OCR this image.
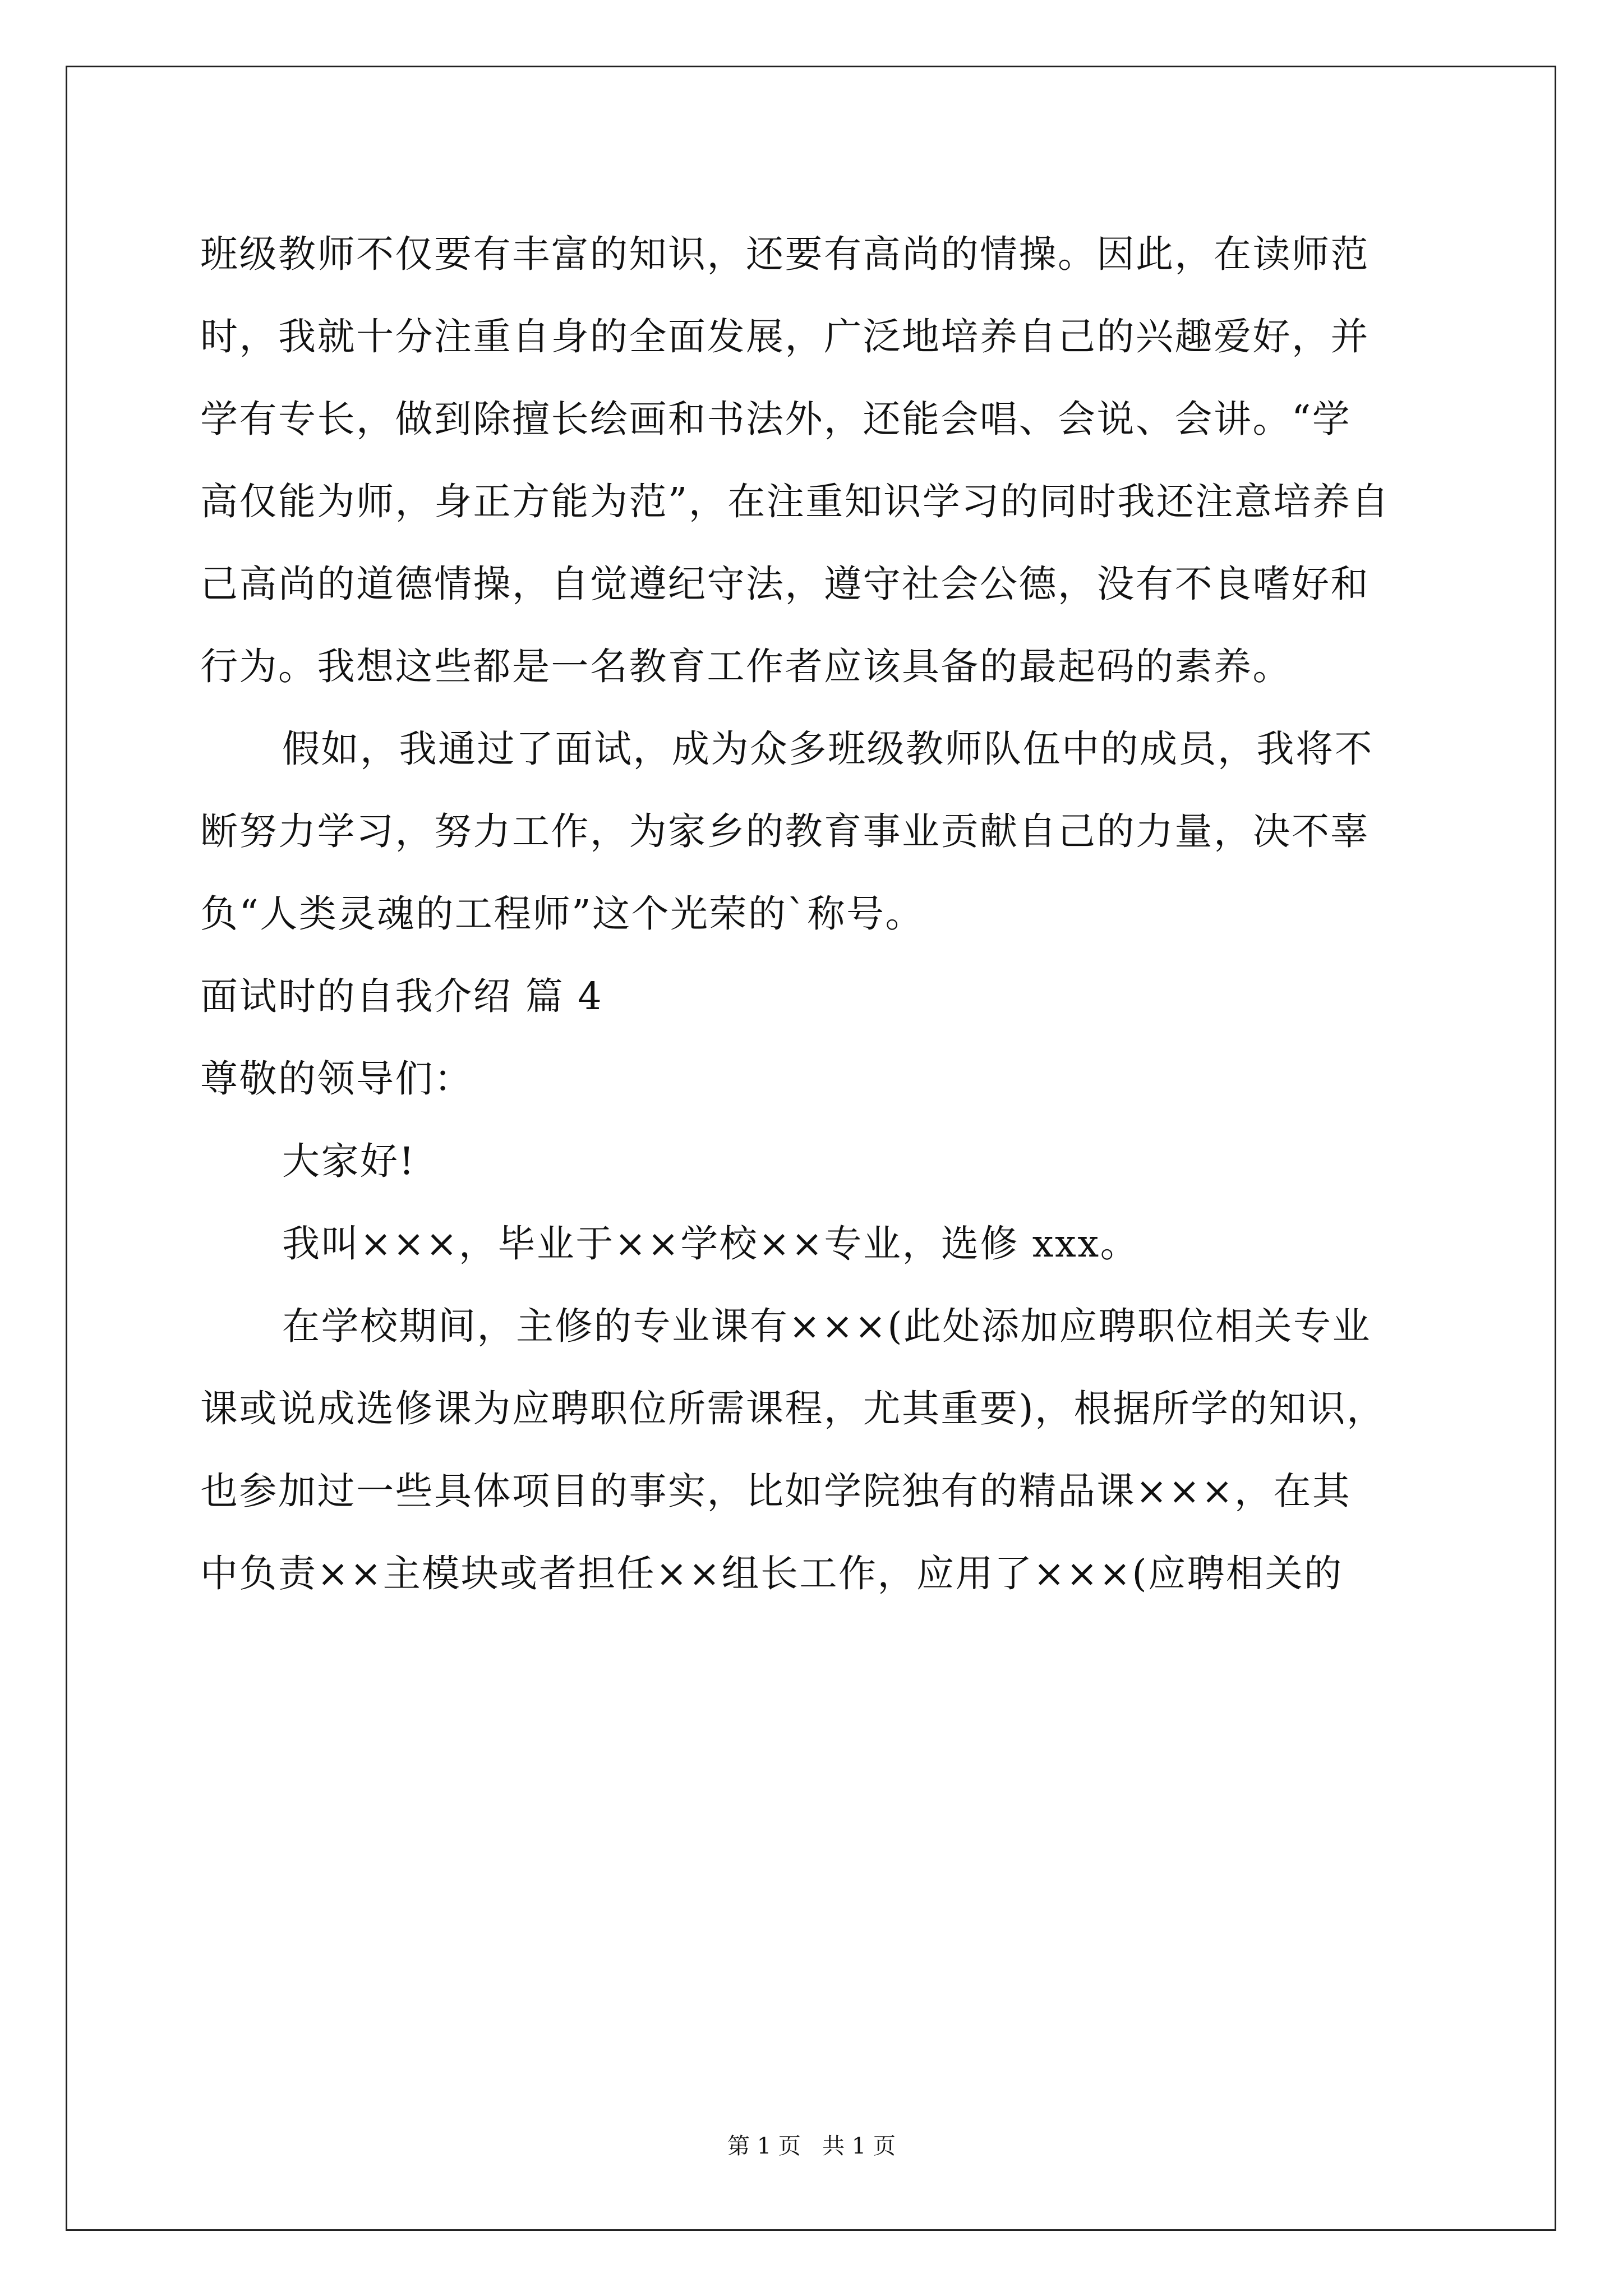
班级教师不仅要有丰富的知识，还要有高尚的情操。因此，在读师范
时，我就十分注重自身的全面发展，广泛地培养自己的兴趣爱好，并
学有专长，做到除擅长绘画和书法外，还能会唱、会说、会讲。“学
高仅能为师，身正方能为范”，在注重知识学习的同时我还注意培养自
己高尚的道德情操，自觉遵纪守法，遵守社会公德，没有不良嗜好和
行为。我想这些都是一名教育工作者应该具备的最起码的素养。
假如，我通过了面试，成为众多班级教师队伍中的成员，我将不
断努力学习，努力工作，为家乡的教育事业贡献自己的力量，决不辜
负“人类灵魂的工程师”这个光荣的`称号。
面试时的自我介绍 篇 4
尊敬的领导们：
大家好!
我叫×××，毕业于××学校××专业，选修 xxx。
在学校期间，主修的专业课有×××(此处添加应聘职位相关专业
课或说成选修课为应聘职位所需课程，尤其重要)，根据所学的知识，
也参加过一些具体项目的事实，比如学院独有的精品课×××，在其
中负责××主模块或者担任××组长工作，应用了×××(应聘相关的
第 1 页   共 1 页
